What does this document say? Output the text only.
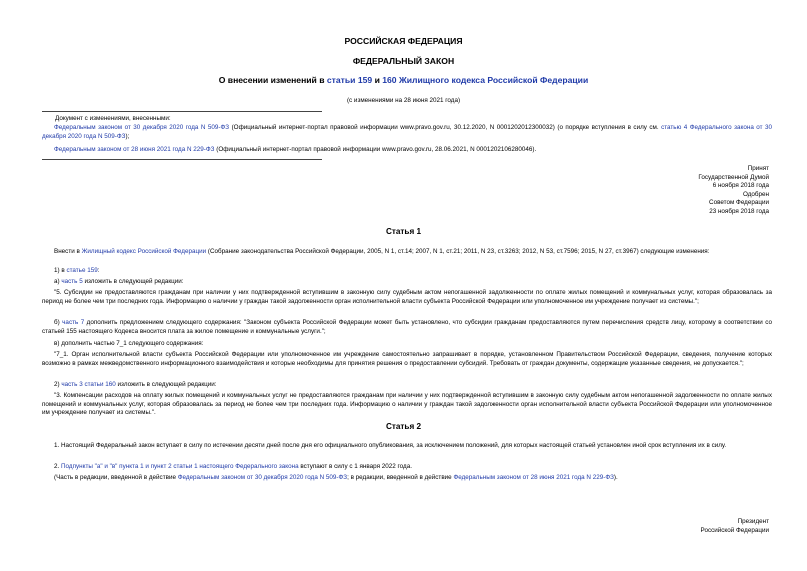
РОССИЙСКАЯ ФЕДЕРАЦИЯ
ФЕДЕРАЛЬНЫЙ ЗАКОН
О внесении изменений в статьи 159 и 160 Жилищного кодекса Российской Федерации
(с изменениями на 28 июня 2021 года)

Документ с изменениями, внесенными:

Федеральным законом от 30 декабря 2020 года N 509-ФЗ (Официальный интернет-портал правовой информации www.pravo.gov.ru, 30.12.2020, N 0001202012300032) (о порядке вступления в силу см. статью 4 Федерального закона от 30 декабря 2020 года N 509-ФЗ);

Федеральным законом от 28 июня 2021 года N 229-ФЗ (Официальный интернет-портал правовой информации www.pravo.gov.ru, 28.06.2021, N 0001202106280046).

Принят

Государственной Думой

6 ноября 2018 года

Одобрен

Советом Федерации

23 ноября 2018 года

Статья 1

Внести в Жилищный кодекс Российской Федерации (Собрание законодательства Российской Федерации, 2005, N 1, ст.14; 2007, N 1, ст.21; 2011, N 23, ст.3263; 2012, N 53, ст.7596; 2015, N 27, ст.3967) следующие изменения:

1) в статье 159:

а) часть 5 изложить в следующей редакции:

"5. Субсидии не предоставляются гражданам при наличии у них подтвержденной вступившим в законную силу судебным актом непогашенной задолженности по оплате жилых помещений и коммунальных услуг, которая образовалась за период не более чем три последних года. Информацию о наличии у граждан такой задолженности орган исполнительной власти субъекта Российской Федерации или уполномоченное им учреждение получает из системы.";

б) часть 7 дополнить предложением следующего содержания: "Законом субъекта Российской Федерации может быть установлено, что субсидии гражданам предоставляются путем перечисления средств лицу, которому в соответствии со статьей 155 настоящего Кодекса вносится плата за жилое помещение и коммунальные услуги.";

в) дополнить частью 7_1 следующего содержания:

"7_1. Орган исполнительной власти субъекта Российской Федерации или уполномоченное им учреждение самостоятельно запрашивает в порядке, установленном Правительством Российской Федерации, сведения, получение которых возможно в рамках межведомственного информационного взаимодействия и которые необходимы для принятия решения о предоставлении субсидий. Требовать от граждан документы, содержащие указанные сведения, не допускается.";

2) часть 3 статьи 160 изложить в следующей редакции:

"3. Компенсации расходов на оплату жилых помещений и коммунальных услуг не предоставляются гражданам при наличии у них подтвержденной вступившим в законную силу судебным актом непогашенной задолженности по оплате жилых помещений и коммунальных услуг, которая образовалась за период не более чем три последних года. Информацию о наличии у граждан такой задолженности орган исполнительной власти субъекта Российской Федерации или уполномоченное им учреждение получает из системы.".

Статья 2

1. Настоящий Федеральный закон вступает в силу по истечении десяти дней после дня его официального опубликования, за исключением положений, для которых настоящей статьей установлен иной срок вступления их в силу.

2. Подпункты "а" и "в" пункта 1 и пункт 2 статьи 1 настоящего Федерального закона вступают в силу с 1 января 2022 года.

(Часть в редакции, введенной в действие Федеральным законом от 30 декабря 2020 года N 509-ФЗ; в редакции, введенной в действие Федеральным законом от 28 июня 2021 года N 229-ФЗ).

Президент

Российской Федерации
